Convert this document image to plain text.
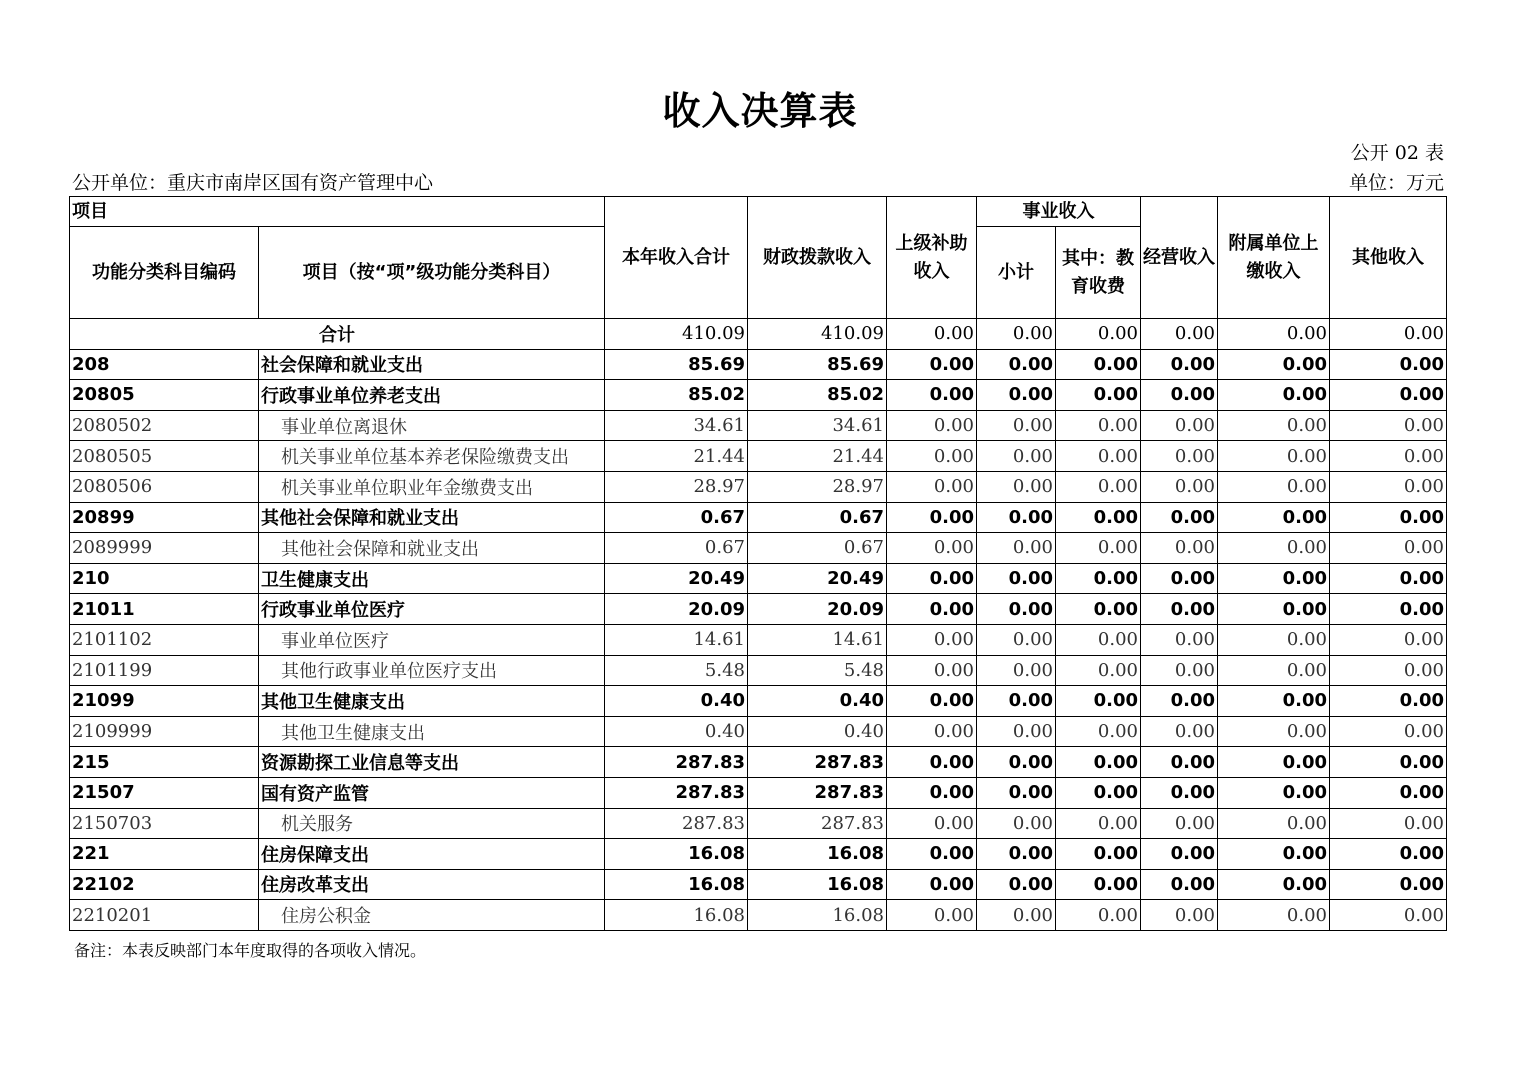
收入决算表
公开 02 表
公开单位：重庆市南岸区国有资产管理中心	单位：万元
项目		本年收入合计	财政拨款收入	上级补助收入	事业收入		经营收入	附属单位上缴收入	其他收入
功能分类科目编码	项目（按“项”级功能分类科目）				小计	其中：教育收费			
合计		410.09	410.09	0.00	0.00	0.00	0.00	0.00	0.00
208	社会保障和就业支出	85.69	85.69	0.00	0.00	0.00	0.00	0.00	0.00
20805	行政事业单位养老支出	85.02	85.02	0.00	0.00	0.00	0.00	0.00	0.00
2080502	事业单位离退休	34.61	34.61	0.00	0.00	0.00	0.00	0.00	0.00
2080505	机关事业单位基本养老保险缴费支出	21.44	21.44	0.00	0.00	0.00	0.00	0.00	0.00
2080506	机关事业单位职业年金缴费支出	28.97	28.97	0.00	0.00	0.00	0.00	0.00	0.00
20899	其他社会保障和就业支出	0.67	0.67	0.00	0.00	0.00	0.00	0.00	0.00
2089999	其他社会保障和就业支出	0.67	0.67	0.00	0.00	0.00	0.00	0.00	0.00
210	卫生健康支出	20.49	20.49	0.00	0.00	0.00	0.00	0.00	0.00
21011	行政事业单位医疗	20.09	20.09	0.00	0.00	0.00	0.00	0.00	0.00
2101102	事业单位医疗	14.61	14.61	0.00	0.00	0.00	0.00	0.00	0.00
2101199	其他行政事业单位医疗支出	5.48	5.48	0.00	0.00	0.00	0.00	0.00	0.00
21099	其他卫生健康支出	0.40	0.40	0.00	0.00	0.00	0.00	0.00	0.00
2109999	其他卫生健康支出	0.40	0.40	0.00	0.00	0.00	0.00	0.00	0.00
215	资源勘探工业信息等支出	287.83	287.83	0.00	0.00	0.00	0.00	0.00	0.00
21507	国有资产监管	287.83	287.83	0.00	0.00	0.00	0.00	0.00	0.00
2150703	机关服务	287.83	287.83	0.00	0.00	0.00	0.00	0.00	0.00
221	住房保障支出	16.08	16.08	0.00	0.00	0.00	0.00	0.00	0.00
22102	住房改革支出	16.08	16.08	0.00	0.00	0.00	0.00	0.00	0.00
2210201	住房公积金	16.08	16.08	0.00	0.00	0.00	0.00	0.00	0.00
备注：本表反映部门本年度取得的各项收入情况。
